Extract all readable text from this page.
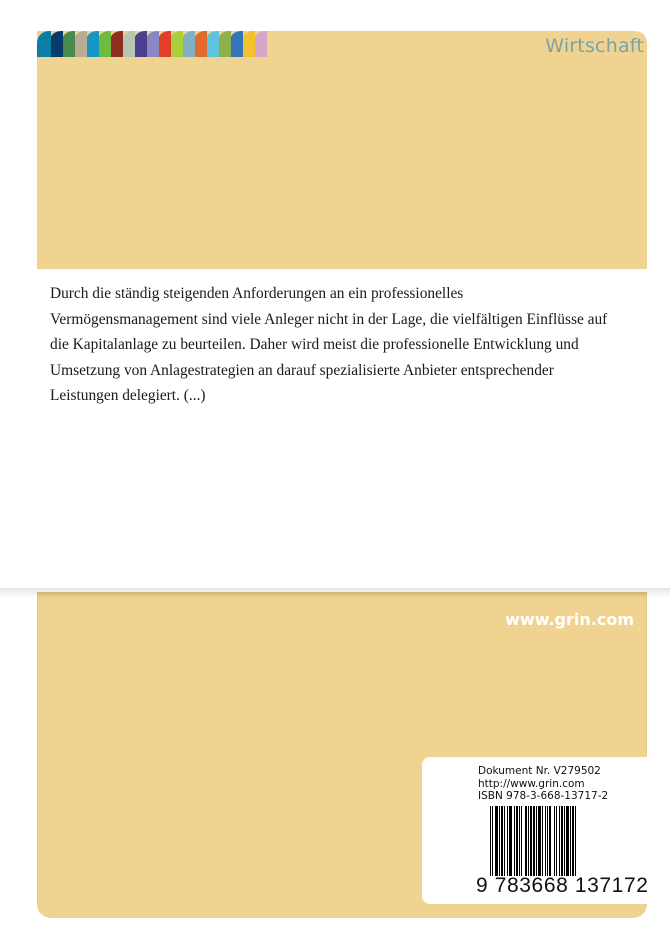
Wirtschaft
Durch die ständig steigenden Anforderungen an ein professionelles
Vermögensmanagement sind viele Anleger nicht in der Lage, die vielfältigen Einflüsse auf
die Kapitalanlage zu beurteilen. Daher wird meist die professionelle Entwicklung und
Umsetzung von Anlagestrategien an darauf spezialisierte Anbieter entsprechender
Leistungen delegiert. (...)
www.grin.com
Dokument Nr. V279502
http://www.grin.com
ISBN 978-3-668-13717-2
9 783668 137172
